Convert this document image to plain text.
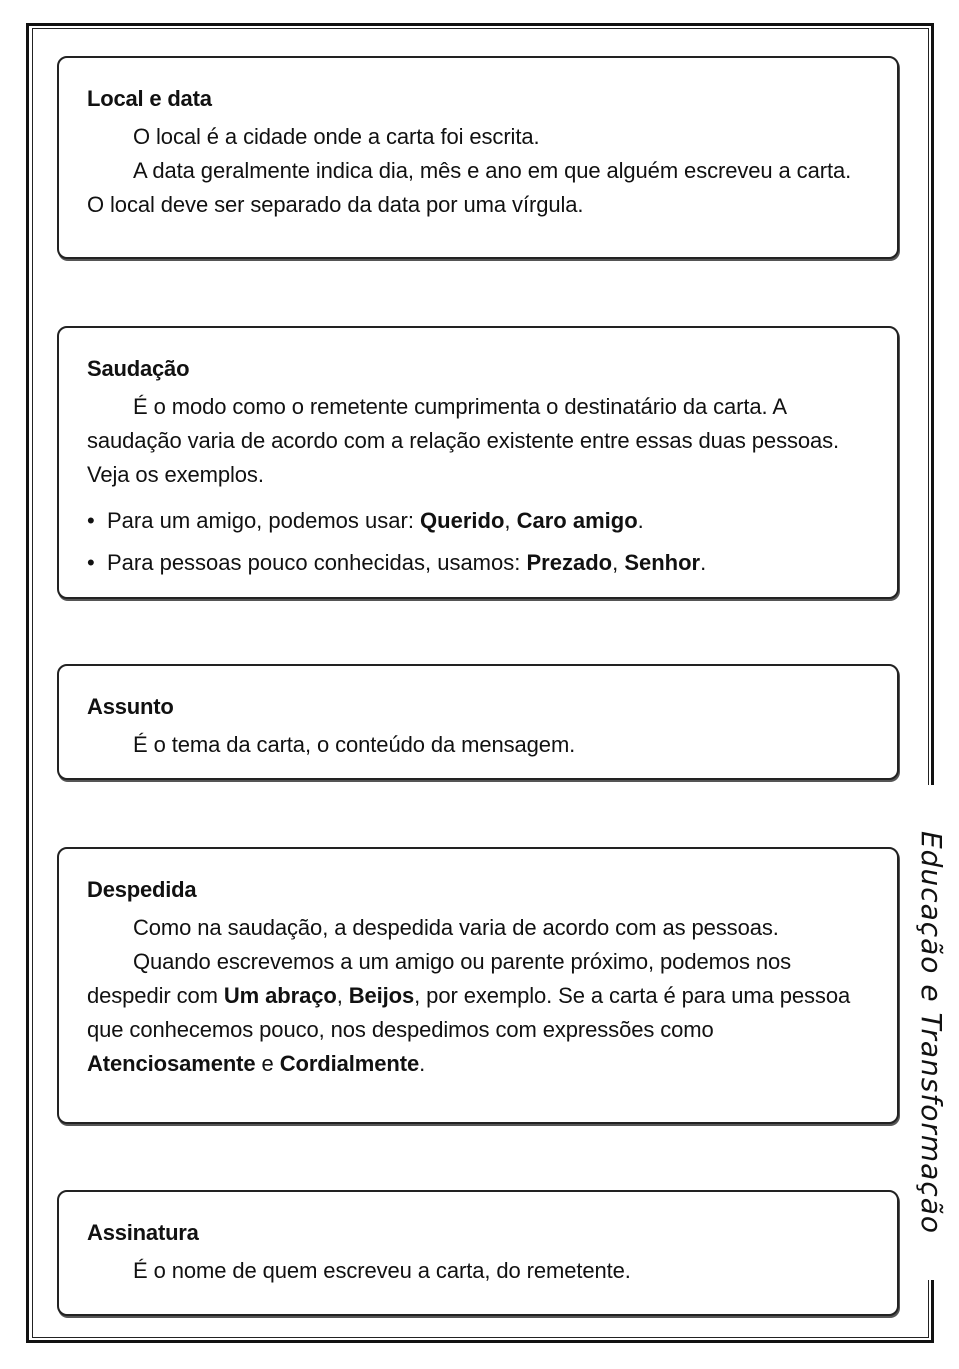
Local e data

O local é a cidade onde a carta foi escrita.

A data geralmente indica dia, mês e ano em que alguém escreveu a carta. O local deve ser separado da data por uma vírgula.

Saudação

É o modo como o remetente cumprimenta o destinatário da carta. A saudação varia de acordo com a relação existente entre essas duas pessoas. Veja os exemplos.

• Para um amigo, podemos usar: Querido, Caro amigo.
• Para pessoas pouco conhecidas, usamos: Prezado, Senhor.
Assunto

É o tema da carta, o conteúdo da mensagem.

Despedida

Como na saudação, a despedida varia de acordo com as pessoas.

Quando escrevemos a um amigo ou parente próximo, podemos nos despedir com Um abraço, Beijos, por exemplo. Se a carta é para uma pessoa que conhecemos pouco, nos despedimos com expressões como Atenciosamente e Cordialmente.

Assinatura

É o nome de quem escreveu a carta, do remetente.

Educação e Transformação
